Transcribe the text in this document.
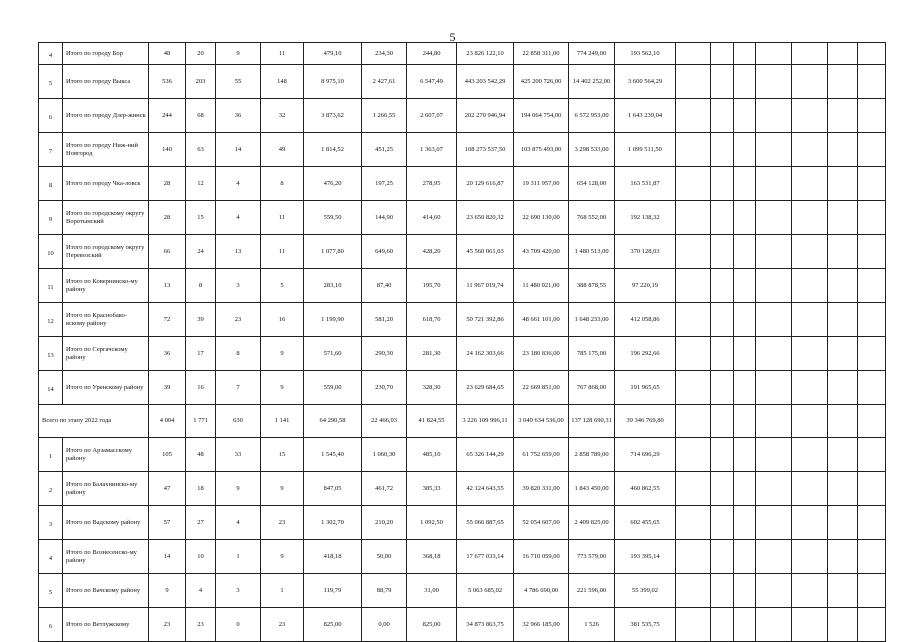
5
4	Итого по городу Бор	48	20	9	11	479,10	234,30	244,80	23 826 122,10	22 858 311,00	774 249,00	193 562,10							
5	Итого по городу Выкса	536	203	55	148	8 975,10	2 427,61	6 547,49	443 203 542,29	425 200 726,00	14 402 252,00	3 600 564,29							
6	Итого по городу Дзер-жинск	244	68	36	32	3 873,62	1 266,55	2 607,07	202 270 946,94	194 064 754,00	6 572 953,00	1 643 239,04							
7	Итого по городу Ниж-ний Новгород	140	63	14	49	1 814,52	451,25	1 363,07	108 273 537,50	103 875 493,00	3 298 533,00	1 099 511,50							
8	Итого по городу Чка-ловск	28	12	4	8	476,20	197,25	278,95	20 129 616,87	19 311 957,00	654 128,00	163 531,87							
9	Итого по городскому округу Воротынский	28	15	4	11	559,50	144,90	414,60	23 650 820,32	22 690 130,00	768 552,00	192 138,32							
10	Итого по городскому округу Перевозский	66	24	13	11	1 077,80	649,60	428,20	45 560 061,03	43 709 420,00	1 480 513,00	370 128,03							
11	Итого по Ковернинско-му району	13	8	3	5	283,10	87,40	195,70	11 967 019,74	11 480 921,00	388 878,55	97 220,19							
12	Итого по Краснобако-вскому району	72	39	23	16	1 199,90	581,20	618,70	50 721 392,86	48 661 101,00	1 648 233,00	412 058,86							
13	Итого по Сергачскому району	36	17	8	9	571,60	290,30	281,30	24 162 303,66	23 180 836,00	785 175,00	196 292,66							
14	Итого по Уренскому району	39	16	7	9	559,00	230,70	328,30	23 629 684,65	22 669 851,00	767 868,00	191 965,65							
Всего по этапу 2022 года		4 004	1 771	630	1 141	64 290,58	22 466,03	41 824,55	3 226 109 996,11	3 049 634 536,00	137 128 690,31	39 346 769,80							
1	Итого по Арзамасскому району	105	48	33	15	1 545,40	1 060,30	485,10	65 326 144,29	61 752 659,00	2 858 789,00	714 696,29							
2	Итого по Балахнинско-му району	47	18	9	9	847,05	461,72	385,33	42 124 643,55	39 820 331,00	1 843 450,00	460 862,55							
3	Итого по Вадскому району	57	27	4	23	1 302,70	210,20	1 092,50	55 066 887,65	52 054 607,00	2 409 825,00	602 455,65							
4	Итого по Вознесенско-му району	14	10	1	9	418,18	50,00	368,18	17 677 033,14	16 710 059,00	773 579,00	193 395,14							
5	Итого по Вачскому району	9	4	3	1	119,79	88,79	31,00	5 063 685,02	4 786 690,00	221 596,00	55 399,02							
6	Итого по Ветлужскому	23	23	0	23	825,00	0,00	825,00	34 873 863,75	32 966 185,00	1 526	381 535,75							
